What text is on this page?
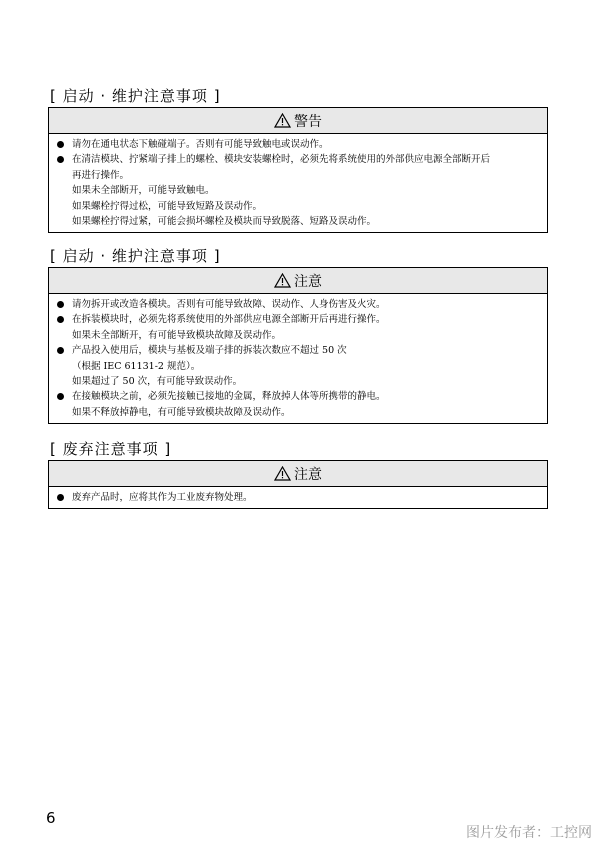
[ 启动 · 维护注意事项 ]
警告
请勿在通电状态下触碰端子。否则有可能导致触电或误动作。
在清洁模块、拧紧端子排上的螺栓、模块安装螺栓时，必须先将系统使用的外部供应电源全部断开后
再进行操作。
如果未全部断开，可能导致触电。
如果螺栓拧得过松，可能导致短路及误动作。
如果螺栓拧得过紧，可能会损坏螺栓及模块而导致脱落、短路及误动作。
[ 启动 · 维护注意事项 ]
注意
请勿拆开或改造各模块。否则有可能导致故障、误动作、人身伤害及火灾。
在拆装模块时，必须先将系统使用的外部供应电源全部断开后再进行操作。
如果未全部断开，有可能导致模块故障及误动作。
产品投入使用后，模块与基板及端子排的拆装次数应不超过 50 次
（根据 IEC 61131-2 规范）。
如果超过了 50 次，有可能导致误动作。
在接触模块之前，必须先接触已接地的金属，释放掉人体等所携带的静电。
如果不释放掉静电，有可能导致模块故障及误动作。
[ 废弃注意事项 ]
注意
废弃产品时，应将其作为工业废弃物处理。
6
图片发布者：工控网
